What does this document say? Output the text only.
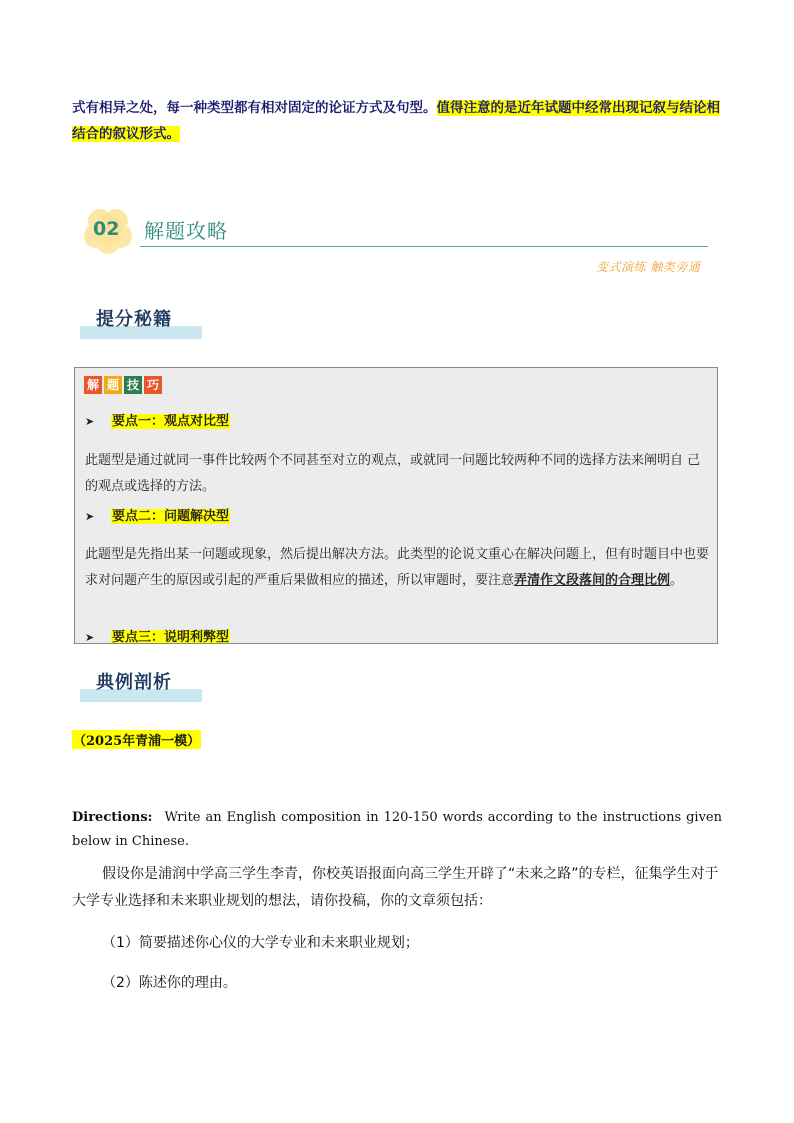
式有相异之处，每一种类型都有相对固定的论证方式及句型。值得注意的是近年试题中经常出现记叙与结论相结合的叙议形式。
02 解题攻略
变式演练 触类旁通
提分秘籍
解 题 技 巧
➤ 要点一：观点对比型
此题型是通过就同一事件比较两个不同甚至对立的观点，或就同一问题比较两种不同的选择方法来阐明自 己的观点或选择的方法。
➤ 要点二：问题解决型
此题型是先指出某一问题或现象，然后提出解决方法。此类型的论说文重心在解决问题上，但有时题目中也要求对问题产生的原因或引起的严重后果做相应的描述，所以审题时，要注意弄清作文段落间的合理比例。
➤ 要点三：说明利弊型
典例剖析
（2025年青浦一模）
Directions: Write an English composition in 120-150 words according to the instructions given below in Chinese.
假设你是浦润中学高三学生李青，你校英语报面向高三学生开辟了“未来之路”的专栏，征集学生对于大学专业选择和未来职业规划的想法，请你投稿，你的文章须包括：
（1）简要描述你心仪的大学专业和未来职业规划；
（2）陈述你的理由。
